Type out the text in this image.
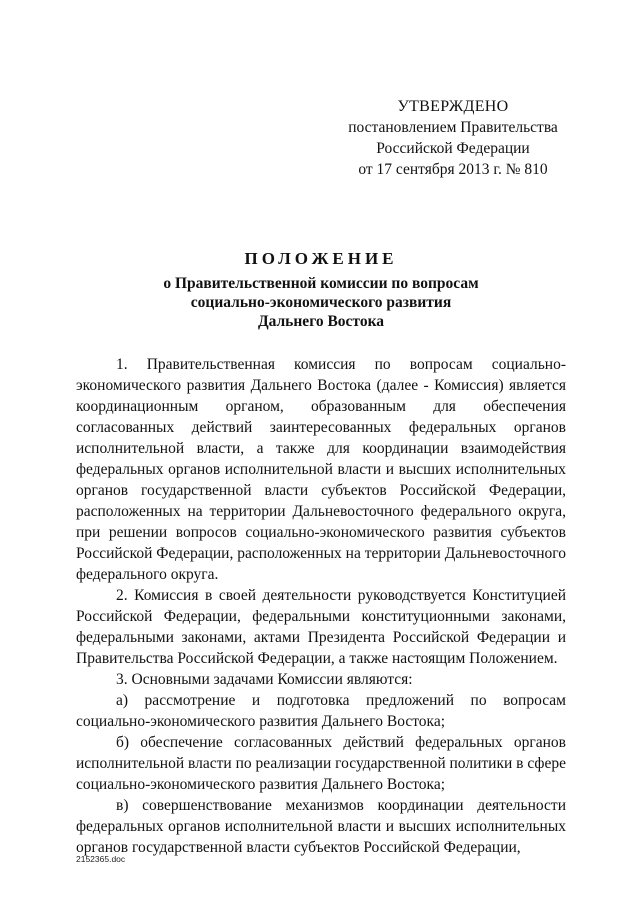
УТВЕРЖДЕНО
постановлением Правительства
Российской Федерации
от 17 сентября 2013 г. № 810
ПОЛОЖЕНИЕ
о Правительственной комиссии по вопросам
социально-экономического развития
Дальнего Востока

1. Правительственная комиссия по вопросам социально-экономического развития Дальнего Востока (далее - Комиссия) является координационным органом, образованным для обеспечения согласованных действий заинтересованных федеральных органов исполнительной власти, а также для координации взаимодействия федеральных органов исполнительной власти и высших исполнительных органов государственной власти субъектов Российской Федерации, расположенных на территории Дальневосточного федерального округа, при решении вопросов социально-экономического развития субъектов Российской Федерации, расположенных на территории Дальневосточного федерального округа.

2. Комиссия в своей деятельности руководствуется Конституцией Российской Федерации, федеральными конституционными законами, федеральными законами, актами Президента Российской Федерации и Правительства Российской Федерации, а также настоящим Положением.

3. Основными задачами Комиссии являются:

а) рассмотрение и подготовка предложений по вопросам социально-экономического развития Дальнего Востока;

б) обеспечение согласованных действий федеральных органов исполнительной власти по реализации государственной политики в сфере социально-экономического развития Дальнего Востока;

в) совершенствование механизмов координации деятельности федеральных органов исполнительной власти и высших исполнительных органов государственной власти субъектов Российской Федерации,

2152365.doc
